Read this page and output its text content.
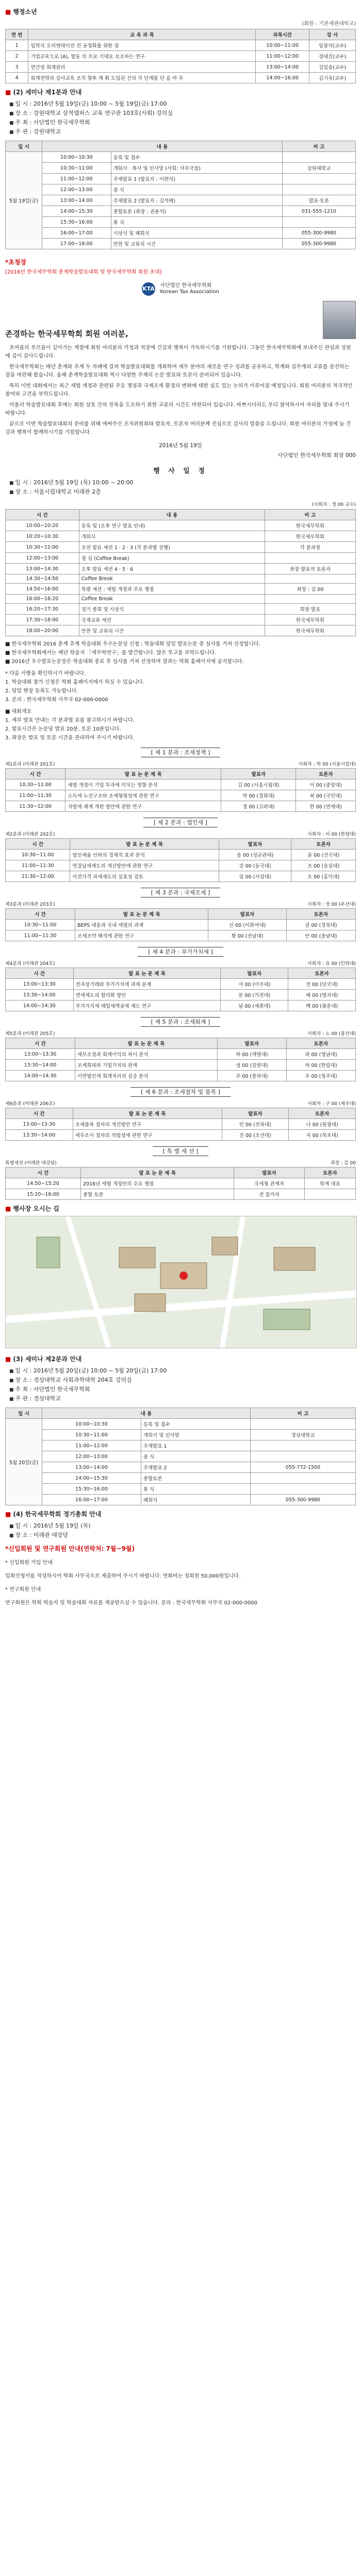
■ 행정소년
(회원 : 기본세관대학교)
연 번	교 육 과 목	과목시간	강 사
1	입학식 오리엔테이션 전 공정화를 위한 장	10:00~11:00	임광석(교수)
2	기업교육으로 (A), 합동 의 프로 기대요 보조하는 연구	11:00~12:00	정대진(교수)
3	연간성 회계관리	13:00~14:00	김일중(교수)
4	회계전략과 강사교육 조직 향후 계 획 도입된 건의 각 단계를 단 을 마 무	14:00~16:00	김기욱(교수)
■ (2) 세미나 제1분과 안내
■ 일 시 : 2016년 5월 19일(금) 10:00 ~ 5월 19일(금) 17:00
■ 장 소 : 강원대학교 삼척캠퍼스 교육 연구관 103호(사회) 강의실
■ 주 최 : 사단법인 한국세무학회
■ 주 관 : 강원대학교
일 시	내 용		비 고
5월 19일(금)	10:00~10:30	등록 및 접수	
	10:30~11:00	개회사 · 축사 및 인사말 (사회: 사무국장)	강원대학교
	11:00~12:00	주제발표 1 (발표자 : 이현석)	
	12:00~13:00	중 식	
	13:00~14:00	주제발표 2 (발표자 : 김석배)	발표·토론
	14:00~15:30	종합토론 (좌장 : 권용석)	031-555-1210
	15:30~16:00	휴 식	
	16:00~17:00	시상식 및 폐회식	055-300-9980
	17:00~18:00	만찬 및 교류의 시간	055-300-9980
*초청장
[2016년 한국세무학회 춘계학술발표대회 및 한국세무학회 회원 초대]
KTA 사단법인 한국세무학회
Korean Tax Association
존경하는 한국세무학회 회원 여러분,

초여름의 푸르름이 깊어가는 계절에 회원 여러분의 가정과 직장에 건강과 행복이 가득하시기를 기원합니다. 그동안 한국세무학회에 보내주신 관심과 성원에 깊이 감사드립니다.

한국세무학회는 매년 춘계와 추계 두 차례에 걸쳐 학술발표대회를 개최하여 세무 분야의 새로운 연구 성과를 공유하고, 학계와 실무계의 교류를 증진하는 장을 마련해 왔습니다. 올해 춘계학술발표대회 역시 다양한 주제의 논문 발표와 토론이 준비되어 있습니다.

특히 이번 대회에서는 최근 세법 개정과 관련된 주요 쟁점과 국제조세 환경의 변화에 대한 심도 있는 논의가 이루어질 예정입니다. 회원 여러분의 적극적인 참여와 고견을 부탁드립니다.

아울러 학술발표대회 후에는 회원 상호 간의 친목을 도모하기 위한 교류의 시간도 마련되어 있습니다. 바쁘시더라도 부디 참석하시어 자리를 빛내 주시기 바랍니다.

끝으로 이번 학술발표대회의 준비를 위해 애써주신 조직위원회와 발표자, 토론자 여러분께 진심으로 감사의 말씀을 드립니다. 회원 여러분의 가정에 늘 건강과 행복이 함께하시기를 기원합니다.

2016년 5월 19일
사단법인 한국세무학회 회장 000
행 사 일 정
■ 일 시 : 2016년 5월 19일 (목) 10:00 ~ 20:00
■ 장 소 : 서울시립대학교 미래관 2층
(사회자 : 정 00 교수)
시 간	내 용	비 고
10:00~10:20	등록 및 (오후 연구 발표 안내)	한국세무학회
10:20~10:30	개회식	한국세무학회
10:30~12:00	오전 발표 세션 1 · 2 · 3 (각 분과별 진행)	각 분과장
12:00~13:00	점 심 (Coffee Break)	
13:00~14:30	오후 발표 세션 4 · 5 · 6	좌장 발표자 토론자
14:30~14:50	Coffee Break	
14:50~16:00	특별 세션 : 세법 개정과 주요 쟁점	좌장 : 김 00
16:00~16:20	Coffee Break	
16:20~17:30	정기 총회 및 시상식	회장 발표
17:30~18:00	국제교류 세션	한국세무학회
18:00~20:00	만찬 및 교류의 시간	한국세무학회

■ 한국세무학회 2016 춘계 추계 학술대회 우수논문상 신청 : 학술대회 당일 발표논문 중 심사를 거쳐 선정합니다.

■ 한국세무학회에서는 매년 학술지 「세무학연구」를 발간합니다. 많은 투고를 부탁드립니다.

■ 2016년 우수발표논문상은 학술대회 종료 후 심사를 거쳐 선정하며 결과는 학회 홈페이지에 공지합니다.

* 다음 사항을 확인하시기 바랍니다.

1. 학술대회 참가 신청은 학회 홈페이지에서 하실 수 있습니다.

2. 당일 현장 등록도 가능합니다.

3. 문의 : 한국세무학회 사무국 02-000-0000

■ 대회개요

1. 세부 발표 안내는 각 분과별 표를 참고하시기 바랍니다.

2. 발표시간은 논문당 발표 20분, 토론 10분입니다.

3. 좌장은 발표 및 토론 시간을 관리하여 주시기 바랍니다.

[ 제 1 분과 : 조세정책 ]
제1분과 (미래관 201호)	사회자 : 박 00 (서울시립대)
시 간	발 표 논 문 제 목	발표자	토론자
10:30~11:00	세법 개정이 기업 투자에 미치는 영향 분석	김 00 (서울시립대)	이 00 (중앙대)
11:00~11:30	소득세 누진구조와 조세형평성에 관한 연구	박 00 (경희대)	최 00 (국민대)
11:30~12:00	지방세 체계 개편 방안에 관한 연구	정 00 (고려대)	한 00 (연세대)
[ 제 2 분과 : 법인세 ]
제2분과 (미래관 202호)	사회자 : 이 00 (한양대)
시 간	발 표 논 문 제 목	발표자	토론자
10:30~11:00	법인세율 인하의 경제적 효과 분석	송 00 (성균관대)	윤 00 (건국대)
11:00~11:30	연결납세제도의 개선방안에 관한 연구	강 00 (동국대)	조 00 (숭실대)
11:30~12:00	이전가격 과세제도의 실효성 검토	임 00 (서강대)	오 00 (홍익대)
[ 제 3 분과 : 국제조세 ]
제3분과 (미래관 203호)	사회자 : 장 00 (부산대)
시 간	발 표 논 문 제 목	발표자	토론자
10:30~11:00	BEPS 대응과 국내 세법의 과제	신 00 (이화여대)	권 00 (경북대)
11:00~11:30	조세조약 해석에 관한 연구	황 00 (전남대)	안 00 (충남대)
[ 제 4 분과 : 부가가치세 ]
제4분과 (미래관 204호)	사회자 : 유 00 (인하대)
시 간	발 표 논 문 제 목	발표자	토론자
13:00~13:30	전자상거래와 부가가치세 과세 문제	서 00 (아주대)	전 00 (단국대)
13:30~14:00	면세제도의 합리화 방안	문 00 (가천대)	배 00 (명지대)
14:00~14:30	부가가치세 매입세액공제 제도 연구	남 00 (세종대)	백 00 (광운대)
[ 제 5 분과 : 조세회계 ]
제5분과 (미래관 205호)	사회자 : 노 00 (울산대)
시 간	발 표 논 문 제 목	발표자	토론자
13:00~13:30	세무조정과 회계이익의 차이 분석	하 00 (계명대)	곽 00 (영남대)
13:30~14:00	조세회피와 기업가치의 관계	성 00 (강원대)	차 00 (한림대)
14:00~14:30	이연법인세 회계처리의 실증 분석	주 00 (충북대)	우 00 (청주대)
[ 제 6 분과 : 조세절차 및 불복 ]
제6분과 (미래관 206호)	사회자 : 구 00 (제주대)
시 간	발 표 논 문 제 목	발표자	토론자
13:00~13:30	조세불복 절차의 개선방안 연구	민 00 (전북대)	나 00 (원광대)
13:30~14:00	세무조사 절차의 적법성에 관한 연구	진 00 (조선대)	지 00 (목포대)
[ 특 별 세 션 ]
특별세션 (미래관 대강당)	좌장 : 김 00
시 간	발 표 논 문 제 목	발표자	토론자
14:50~15:20	2016년 세법 개정안의 주요 쟁점	국세청 관계자	학계 대표
15:20~16:00	종합 토론	전 참가자	
■ 행사장 오시는 길
■ (3) 세미나 제2분과 안내
■ 일 시 : 2016년 5월 20일(금) 10:00 ~ 5월 20일(금) 17:00
■ 장 소 : 경상대학교 사회과학대학 204호 강의실
■ 주 최 : 사단법인 한국세무학회
■ 주 관 : 경상대학교
일 시	내 용		비 고
5월 20일(금)	10:00~10:30	등록 및 접수	
	10:30~11:00	개회사 및 인사말	경상대학교
	11:00~12:00	주제발표 1	
	12:00~13:00	중 식	
	13:00~14:00	주제발표 2	055-772-1500
	14:00~15:30	종합토론	
	15:30~16:00	휴 식	
	16:00~17:00	폐회식	055-300-9980
■ (4) 한국세무학회 정기총회 안내
■ 일 시 : 2016년 5월 19일 (목)
■ 장 소 : 미래관 대강당
*신입회원 및 연구회원 안내(연락처: 7월~9월)

* 신입회원 가입 안내

입회신청서를 작성하시어 학회 사무국으로 제출하여 주시기 바랍니다. 연회비는 정회원 50,000원입니다.

* 연구회원 안내

연구회원은 학회 학술지 및 학술대회 자료를 제공받으실 수 있습니다. 문의 : 한국세무학회 사무국 02-000-0000
